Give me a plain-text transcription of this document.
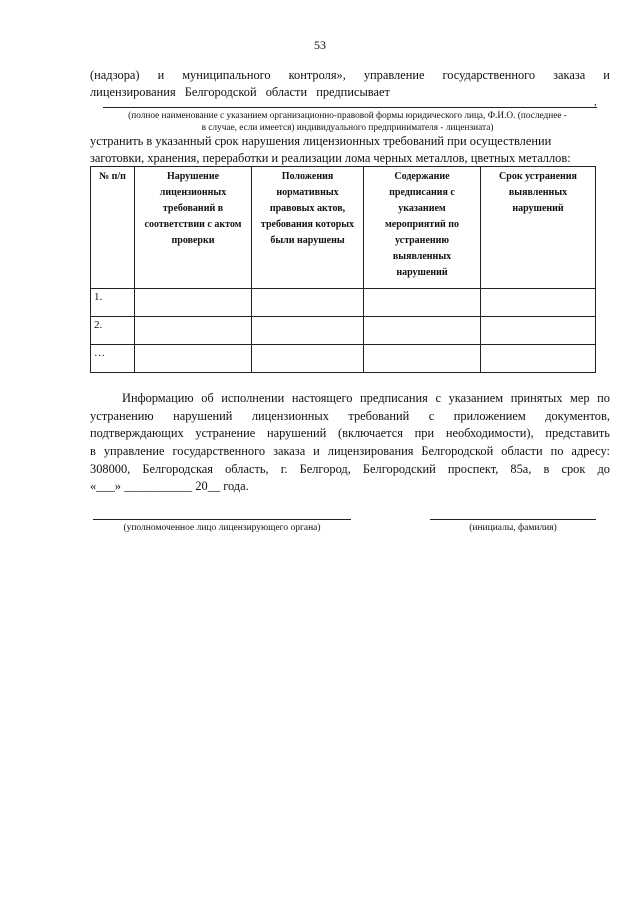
53
(надзора) и муниципального контроля», управление государственного заказа и
лицензирования Белгородской области предписывает
,
(полное наименование с указанием организационно-правовой формы юридического лица, Ф.И.О. (последнее -
в случае, если имеется) индивидуального предпринимателя - лицензиата)
устранить в указанный срок нарушения лицензионных требований при осуществлении
заготовки, хранения, переработки и реализации лома черных металлов, цветных металлов:
№ п/п	Нарушение лицензионных требований в соответствии с актом проверки	Положения нормативных правовых актов, требования которых были нарушены	Содержание предписания с указанием мероприятий по устранению выявленных нарушений	Срок устранения выявленных нарушений
1.				
2.				
…				
Информацию об исполнении настоящего предписания с указанием принятых мер по
устранению нарушений лицензионных требований с приложением документов,
подтверждающих устранение нарушений (включается при необходимости), представить
в управление государственного заказа и лицензирования Белгородской области по адресу:
308000, Белгородская область, г. Белгород, Белгородский проспект, 85а, в срок до
«___» ___________ 20__ года.
(уполномоченное лицо лицензирующего органа)	(инициалы, фамилия)
